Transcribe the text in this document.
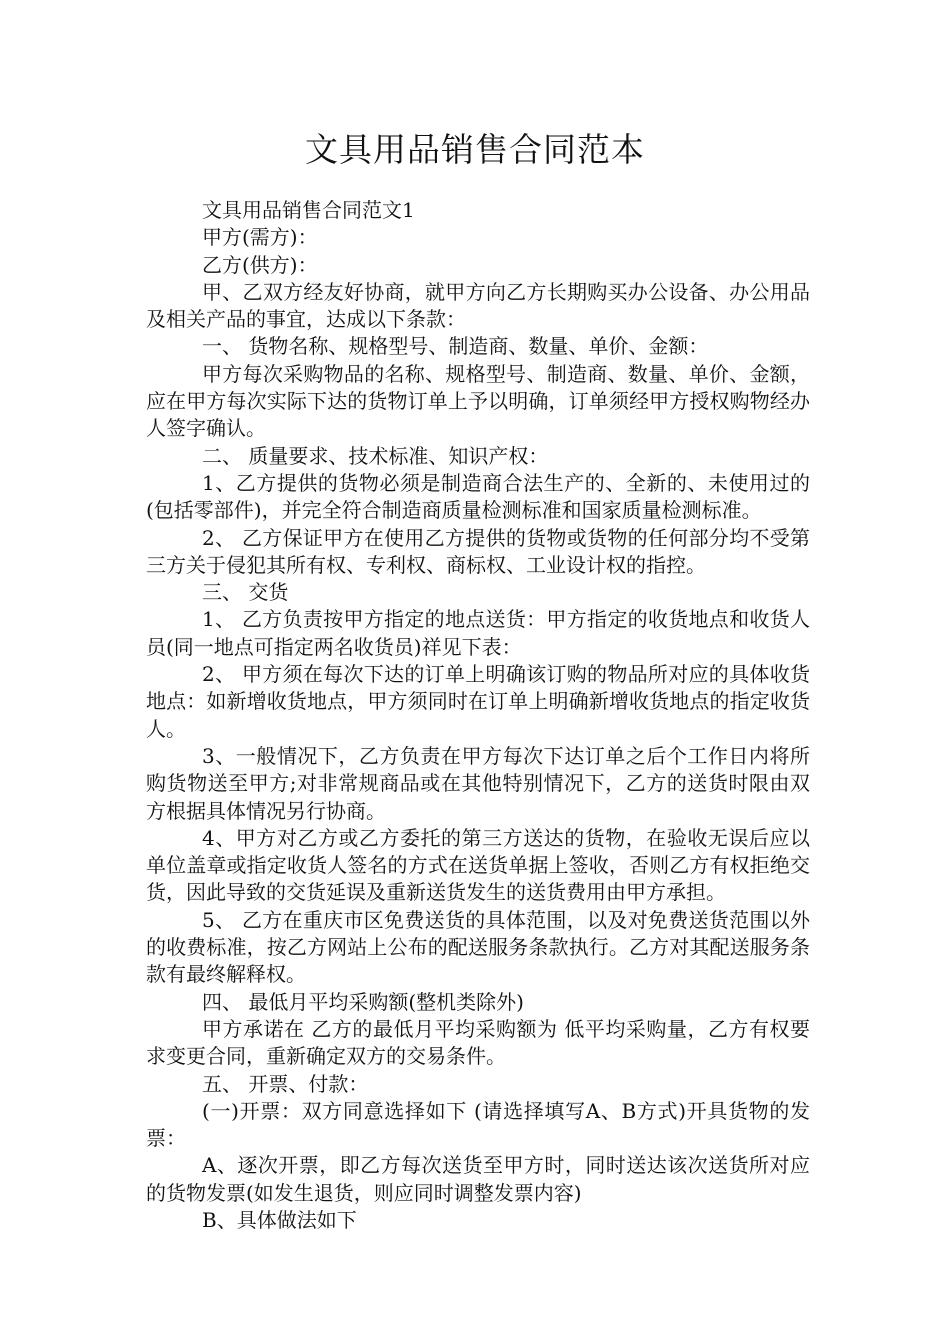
文具用品销售合同范本

文具用品销售合同范文1

甲方(需方)：

乙方(供方)：

甲、乙双方经友好协商，就甲方向乙方长期购买办公设备、办公用品及相关产品的事宜，达成以下条款：

一、 货物名称、规格型号、制造商、数量、单价、金额：

甲方每次采购物品的名称、规格型号、制造商、数量、单价、金额，应在甲方每次实际下达的货物订单上予以明确，订单须经甲方授权购物经办人签字确认。

二、 质量要求、技术标准、知识产权：

1、乙方提供的货物必须是制造商合法生产的、全新的、未使用过的(包括零部件)，并完全符合制造商质量检测标准和国家质量检测标准。

2、 乙方保证甲方在使用乙方提供的货物或货物的任何部分均不受第三方关于侵犯其所有权、专利权、商标权、工业设计权的指控。

三、 交货

1、 乙方负责按甲方指定的地点送货：甲方指定的收货地点和收货人员(同一地点可指定两名收货员)祥见下表：

2、 甲方须在每次下达的订单上明确该订购的物品所对应的具体收货地点：如新增收货地点，甲方须同时在订单上明确新增收货地点的指定收货人。

3、一般情况下，乙方负责在甲方每次下达订单之后个工作日内将所购货物送至甲方;对非常规商品或在其他特别情况下，乙方的送货时限由双方根据具体情况另行协商。

4、甲方对乙方或乙方委托的第三方送达的货物，在验收无误后应以单位盖章或指定收货人签名的方式在送货单据上签收，否则乙方有权拒绝交货，因此导致的交货延误及重新送货发生的送货费用由甲方承担。

5、 乙方在重庆市区免费送货的具体范围，以及对免费送货范围以外的收费标准，按乙方网站上公布的配送服务条款执行。乙方对其配送服务条款有最终解释权。

四、 最低月平均采购额(整机类除外)

甲方承诺在 乙方的最低月平均采购额为 低平均采购量，乙方有权要求变更合同，重新确定双方的交易条件。

五、 开票、付款：

(一)开票：双方同意选择如下 (请选择填写A、B方式)开具货物的发票：

A、逐次开票，即乙方每次送货至甲方时，同时送达该次送货所对应的货物发票(如发生退货，则应同时调整发票内容)

B、具体做法如下
